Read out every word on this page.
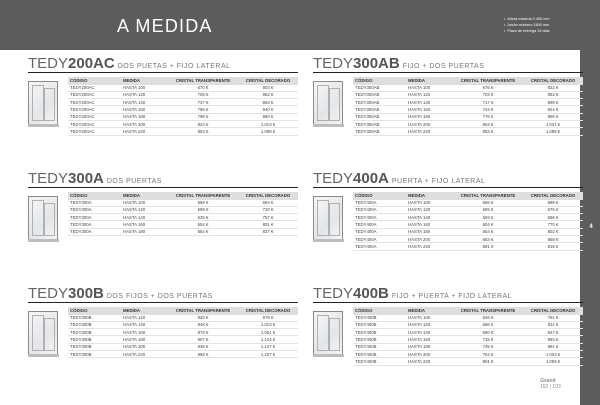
A MEDIDA
•	Altura máxima 2.400 mm
• Ancho máximo 1800 mm
• Plazo de entrega 15 días
4
TEDY200AC DOS PUETAS + FIJO LATERAL
CÓDIGO	MEDIDA	CRISTAL TRANSPARENTE	CRISTAL DECORADO
TEDY200AC	HASTA 100	670 €	803 €
TEDY200AC	HASTA 120	706 €	862 €
TEDY200AC	HASTA 140	737 €	893 €
TEDY200AC	HASTA 160	766 €	940 €
TEDY200AC	HASTA 180	796 €	980 €
TEDY200AC	HASTA 200	824 €	1.013 €
TEDY200AC	HASTA 220	853 €	1.088 €
TEDY300AB FIJO + DOS PUERTAS
CÓDIGO	MEDIDA	CRISTAL TRANSPARENTE	CRISTAL DECORADO
TEDY300AB	HASTA 100	676 €	822 €
TEDY300AB	HASTA 120	703 €	852 €
TEDY300AB	HASTA 140	717 €	898 €
TEDY300AB	HASTA 160	742 €	924 €
TEDY300AB	HASTA 180	776 €	966 €
TEDY300AB	HASTA 200	804 €	1.031 €
TEDY300AB	HASTA 220	853 €	1.088 €
TEDY300A DOS PUERTAS
CÓDIGO	MEDIDA	CRISTAL TRANSPARENTE	CRISTAL DECORADO
TEDY300A	HASTA 100	568 €	684 €
TEDY300A	HASTA 120	598 €	720 €
TEDY300A	HASTA 140	625 €	757 €
TEDY300A	HASTA 160	654 €	801 €
TEDY300A	HASTA 180	684 €	837 €
TEDY400A PUERTA + FIJO LATERAL
CÓDIGO	MEDIDA	CRISTAL TRANSPARENTE	CRISTAL DECORADO
TEDY400A	HASTA 100	586 €	699 €
TEDY400A	HASTA 120	565 €	676 €
TEDY400A	HASTA 140	593 €	696 €
TEDY400A	HASTA 160	604 €	770 €
TEDY400A	HASTA 180	654 €	802 €
TEDY400A	HASTA 200	663 €	868 €
TEDY400A	HASTA 220	691 €	916 €
TEDY300B DOS FIJOS + DOS PUERTAS
CÓDIGO	MEDIDA	CRISTAL TRANSPARENTE	CRISTAL DECORADO
TEDY300B	HASTA 120	820 €	979 €
TEDY300B	HASTA 140	848 €	1.013 €
TEDY300B	HASTA 160	879 €	1.051 €
TEDY300B	HASTA 180	907 €	1.124 €
TEDY300B	HASTA 200	936 €	1.147 €
TEDY300B	HASTA 220	965 €	1.207 €
TEDY400B FIJO + PUERTA + FIJO LATERAL
CÓDIGO	MEDIDA	CRISTAL TRANSPARENTE	CRISTAL DECORADO
TEDY400B	HASTA 100	626 €	751 €
TEDY400B	HASTA 120	656 €	811 €
TEDY400B	HASTA 140	680 €	847 €
TEDY400B	HASTA 160	715 €	893 €
TEDY400B	HASTA 180	745 €	951 €
TEDY400B	HASTA 200	764 €	1.002 €
TEDY400B	HASTA 220	801 €	1.058 €
Gsanit
102 | 103
